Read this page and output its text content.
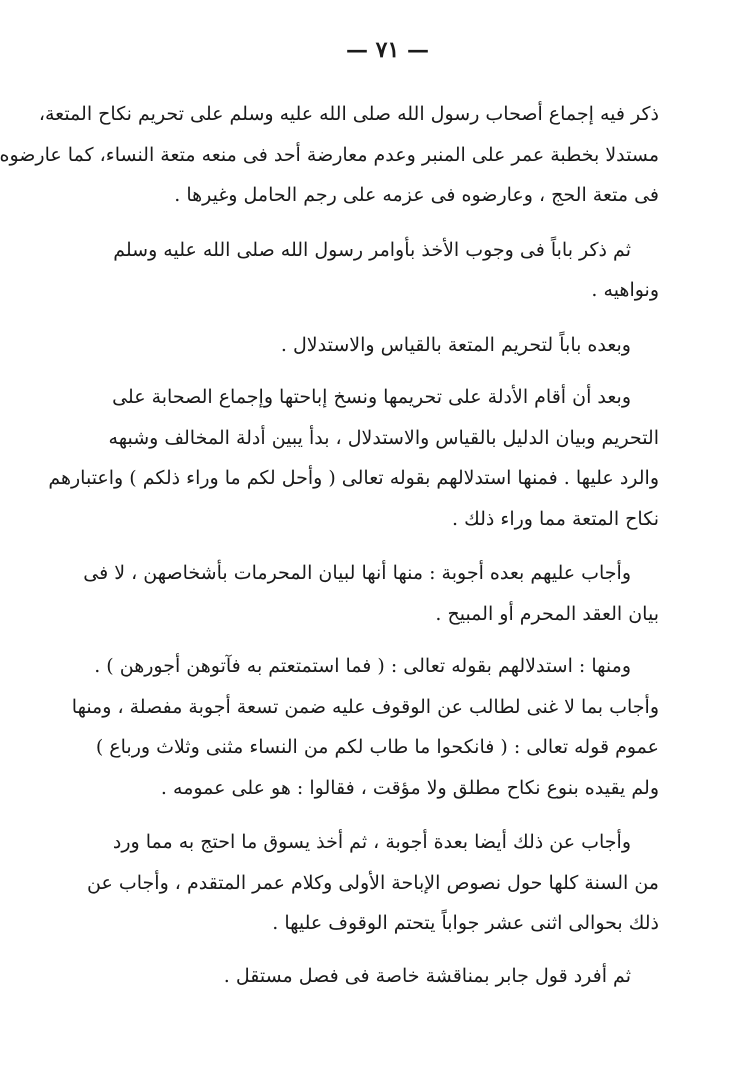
— ٧١ —

ذكر فيه إجماع أصحاب رسول الله صلى الله عليه وسلم على تحريم نكاح المتعة،
مستدلا بخطبة عمر على المنبر وعدم معارضة أحد فى منعه متعة النساء، كما عارضوه
فى متعة الحج ، وعارضوه فى عزمه على رجم الحامل وغيرها .

ثم ذكر باباً فى وجوب الأخذ بأوامر رسول الله صلى الله عليه وسلم
ونواهيه .

وبعده باباً لتحريم المتعة بالقياس والاستدلال .

وبعد أن أقام الأدلة على تحريمها ونسخ إباحتها وإجماع الصحابة على
التحريم وبيان الدليل بالقياس والاستدلال ، بدأ يبين أدلة المخالف وشبهه
والرد عليها . فمنها استدلالهم بقوله تعالى ( وأحل لكم ما وراء ذلكم ) واعتبارهم
نكاح المتعة مما وراء ذلك .

وأجاب عليهم بعده أجوبة : منها أنها لبيان المحرمات بأشخاصهن ، لا فى
بيان العقد المحرم أو المبيح .

ومنها : استدلالهم بقوله تعالى : ( فما استمتعتم به فآتوهن أجورهن ) .
وأجاب بما لا غنى لطالب عن الوقوف عليه ضمن تسعة أجوبة مفصلة ، ومنها
عموم قوله تعالى : ( فانكحوا ما طاب لكم من النساء مثنى وثلاث ورباع )
ولم يقيده بنوع نكاح مطلق ولا مؤقت ، فقالوا : هو على عمومه .

وأجاب عن ذلك أيضا بعدة أجوبة ، ثم أخذ يسوق ما احتج به مما ورد
من السنة كلها حول نصوص الإباحة الأولى وكلام عمر المتقدم ، وأجاب عن
ذلك بحوالى اثنى عشر جواباً يتحتم الوقوف عليها .

ثم أفرد قول جابر بمناقشة خاصة فى فصل مستقل .
